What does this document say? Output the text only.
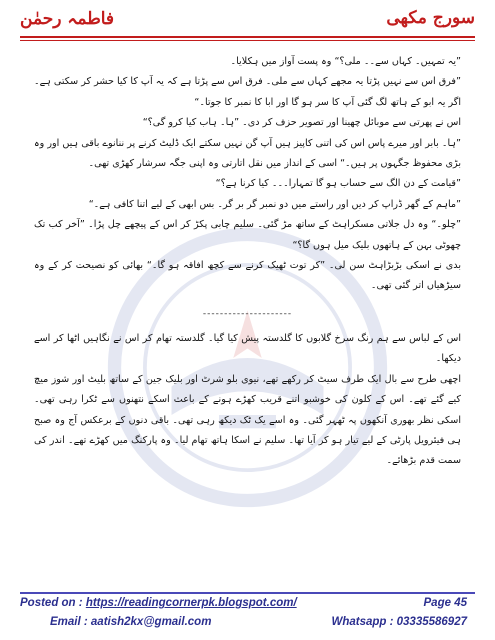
سورج مکھی
فاطمہ رحمٰن

”یہ تمہیں۔ کہاں سے۔۔ ملی؟“ وہ پست آواز میں ہکلایا۔

”فرق اس سے نہیں پڑتا یہ مجھے کہاں سے ملی۔ فرق اس سے پڑتا ہے کہ یہ آپ کا کیا حشر کر سکتی ہے۔ اگر یہ ابو کے ہاتھ لگ گئی آپ کا سر ہو گا اور ابا کا نمبر کا جوتا۔“

اس نے پھرتی سے موبائل چھینا اور تصویر حزف کر دی۔ ”ہا۔ ہاب کیا کرو گی؟“

”ہا۔ بابر اور میرے پاس اس کی اتنی کاپیز ہیں آپ گن نہیں سکتے ایک ڈلیٹ کرنے پر ننانوے باقی ہیں اور وہ بڑی محفوظ جگہوں پر ہیں۔“ اسی کے انداز میں نقل اتارتی وہ اپنی جگہ سرشار کھڑی تھی۔

”قیامت کے دن الگ سے حساب ہو گا تمہارا۔۔۔ کیا کرنا ہے؟“

”ماہم کے گھر ڈراپ کر دیں اور راستے میں دو نمبر گر بر گر۔ بس ابھی کے لیے اتنا کافی ہے۔“

”چلو۔“ وہ دل جلاتی مسکراہٹ کے ساتھ مڑ گئی۔ سلیم چابی پکڑ کر اس کے پیچھے چل پڑا۔ ”آخر کب تک چھوٹی بہن کے ہاتھوں بلیک میل ہوں گا؟“

بدی نے اسکی بڑبڑاہٹ سن لی۔ ”کر توت ٹھیک کرنے سے کچھ افاقہ ہو گا۔“ بھائی کو نصیحت کر کے وہ سیڑھیاں اتر گئی تھی۔

---------------------

اس کے لباس سے ہم رنگ سرخ گلابوں کا گلدستہ پیش کیا گیا۔ گلدستہ تھام کر اس نے نگاہیں اٹھا کر اسے دیکھا۔

اچھی طرح سے بال ایک طرف سیٹ کر رکھے تھے، نیوی بلو شرٹ اور بلیک جین کے ساتھ بلیٹ اور شوز میچ کیے گئے تھے۔ اس کے کلون کی خوشبو اتنے قریب کھڑے ہونے کے باعث اسکے نتھنوں سے ٹکرا رہی تھی۔ اسکی نظر بھوری آنکھوں پہ ٹھہر گئی۔ وہ اسے یک ٹک دیکھ رہی تھی۔ باقی دنوں کے برعکس آج وہ صبح ہی فیئرویل پارٹی کے لیے تیار ہو کر آیا تھا۔ سلیم نے اسکا ہاتھ تھام لیا۔ وہ پارکنگ میں کھڑے تھے۔ اندر کی سمت قدم بڑھائے۔

Posted on : https://readingcornerpk.blogspot.com/	Page 45
Email : aatish2kx@gmail.com	Whatsapp : 03335586927
